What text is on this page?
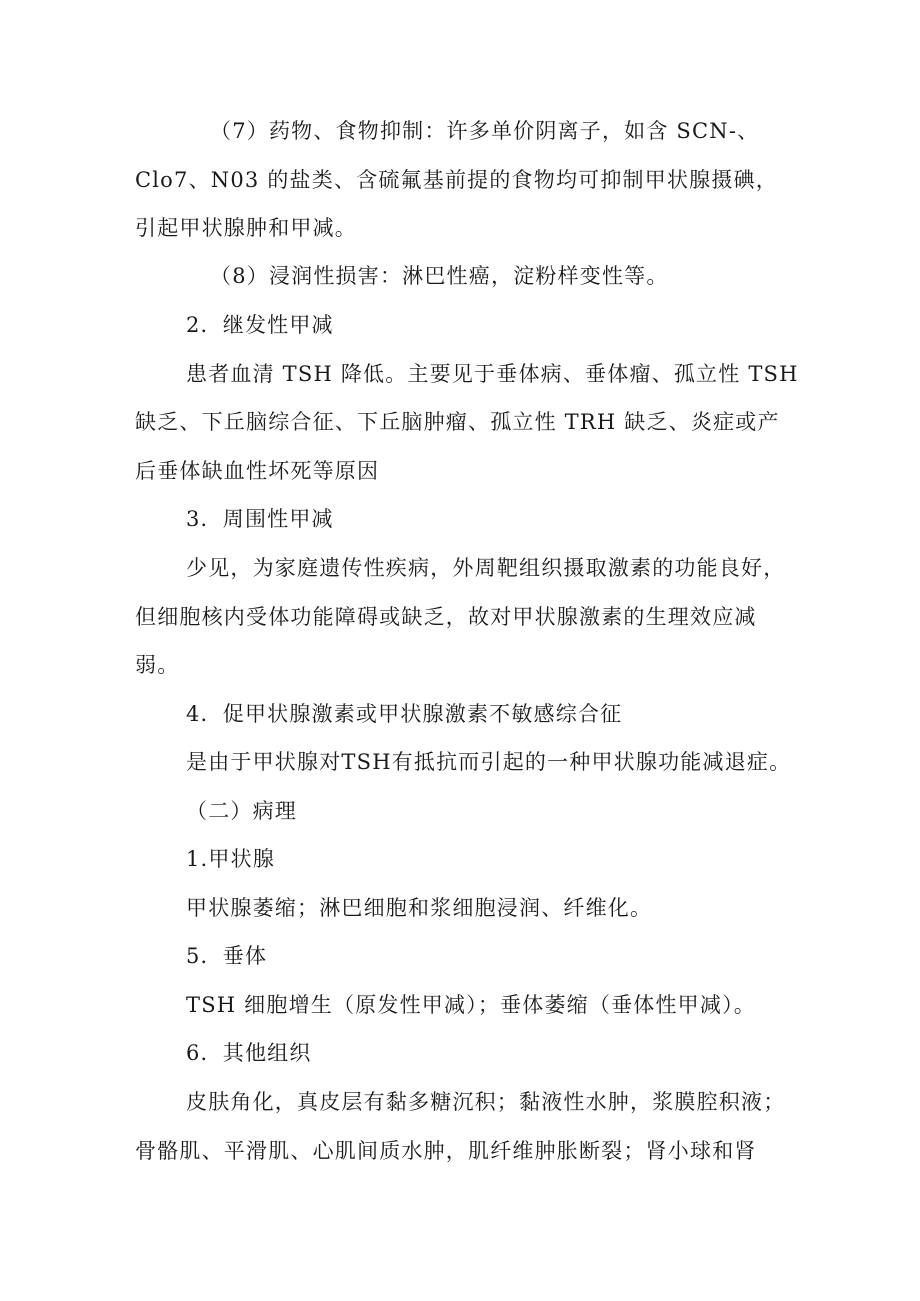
（7）药物、食物抑制：许多单价阴离子，如含 SCN-、

Clo7、N03 的盐类、含硫氟基前提的食物均可抑制甲状腺摄碘，

引起甲状腺肿和甲减。

（8）浸润性损害：淋巴性癌，淀粉样变性等。

2．继发性甲减

患者血清 TSH 降低。主要见于垂体病、垂体瘤、孤立性 TSH

缺乏、下丘脑综合征、下丘脑肿瘤、孤立性 TRH 缺乏、炎症或产

后垂体缺血性坏死等原因

3．周围性甲减

少见，为家庭遗传性疾病，外周靶组织摄取激素的功能良好，

但细胞核内受体功能障碍或缺乏，故对甲状腺激素的生理效应减

弱。

4．促甲状腺激素或甲状腺激素不敏感综合征

是由于甲状腺对TSH有抵抗而引起的一种甲状腺功能减退症。

（二）病理

1.甲状腺

甲状腺萎缩；淋巴细胞和浆细胞浸润、纤维化。

5．垂体

TSH 细胞增生（原发性甲减）；垂体萎缩（垂体性甲减）。

6．其他组织

皮肤角化，真皮层有黏多糖沉积；黏液性水肿，浆膜腔积液；

骨骼肌、平滑肌、心肌间质水肿，肌纤维肿胀断裂；肾小球和肾
